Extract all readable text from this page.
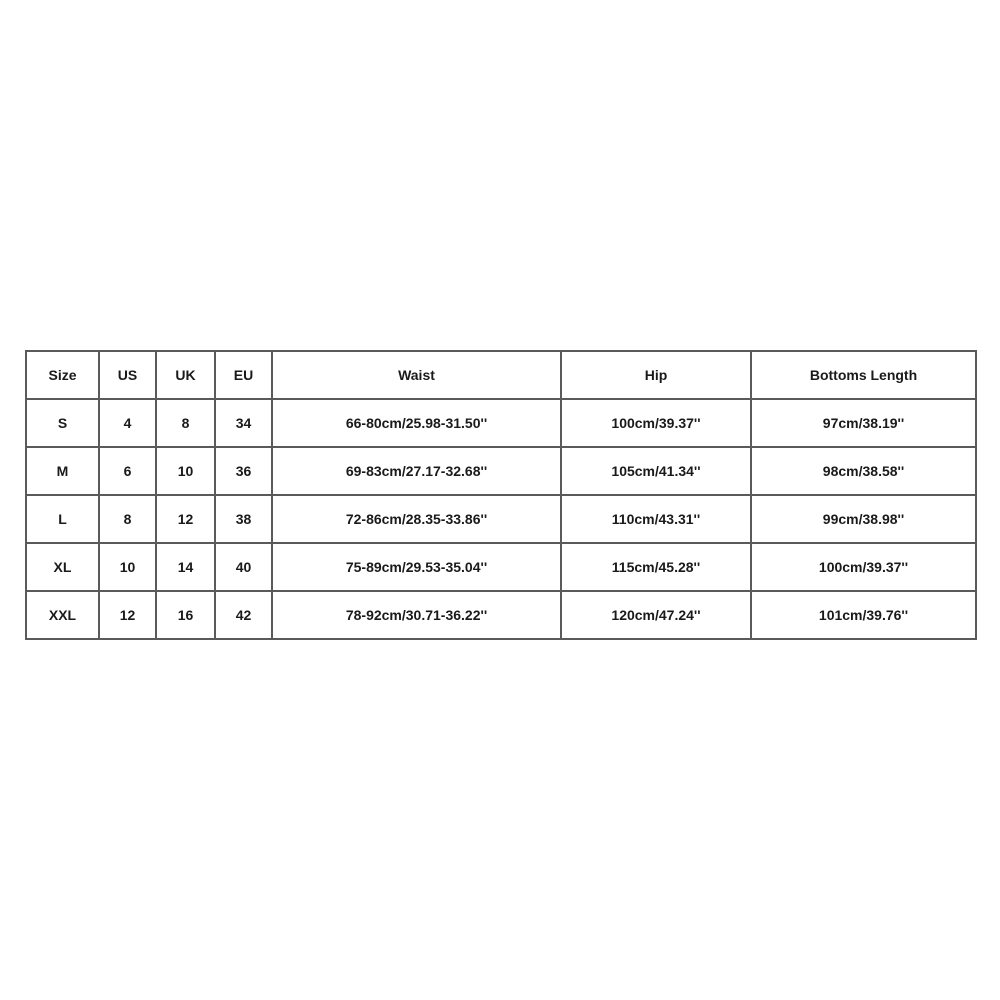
Size	US	UK	EU	Waist	Hip	Bottoms Length
S	4	8	34	66-80cm/25.98-31.50''	100cm/39.37''	97cm/38.19''
M	6	10	36	69-83cm/27.17-32.68''	105cm/41.34''	98cm/38.58''
L	8	12	38	72-86cm/28.35-33.86''	110cm/43.31''	99cm/38.98''
XL	10	14	40	75-89cm/29.53-35.04''	115cm/45.28''	100cm/39.37''
XXL	12	16	42	78-92cm/30.71-36.22''	120cm/47.24''	101cm/39.76''
